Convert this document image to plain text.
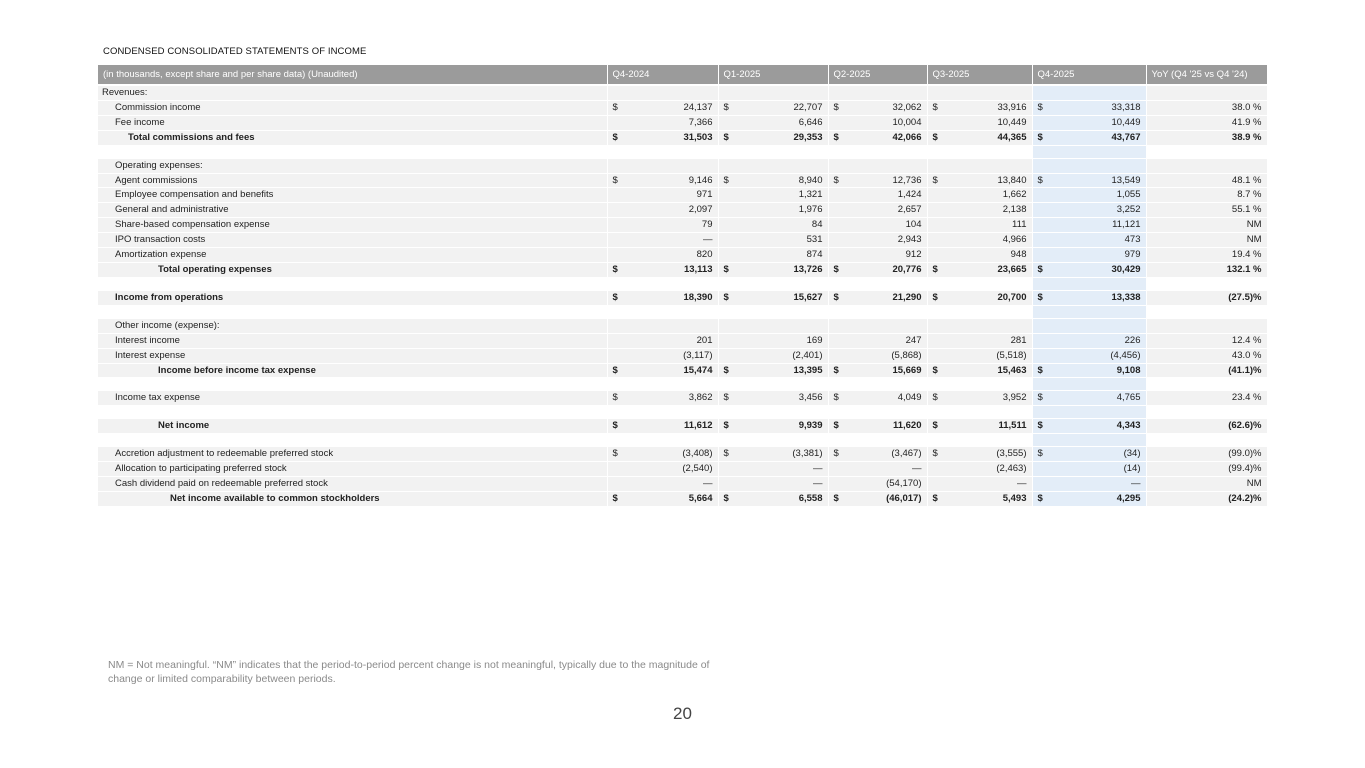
CONDENSED CONSOLIDATED STATEMENTS OF INCOME
(in thousands, except share and per share data) (Unaudited)	Q4-2024	Q1-2025	Q2-2025	Q3-2025	Q4-2025	YoY (Q4 '25 vs Q4 '24)
Revenues:						
Commission income	$ 24,137	$ 22,707	$ 32,062	$ 33,916	$ 33,318	38.0 %
Fee income	7,366	6,646	10,004	10,449	10,449	41.9 %
Total commissions and fees	$ 31,503	$ 29,353	$ 42,066	$ 44,365	$ 43,767	38.9 %

Operating expenses:						
Agent commissions	$ 9,146	$ 8,940	$ 12,736	$ 13,840	$ 13,549	48.1 %
Employee compensation and benefits	971	1,321	1,424	1,662	1,055	8.7 %
General and administrative	2,097	1,976	2,657	2,138	3,252	55.1 %
Share-based compensation expense	79	84	104	111	11,121	NM
IPO transaction costs	—	531	2,943	4,966	473	NM
Amortization expense	820	874	912	948	979	19.4 %
Total operating expenses	$ 13,113	$ 13,726	$ 20,776	$ 23,665	$ 30,429	132.1 %

Income from operations	$ 18,390	$ 15,627	$ 21,290	$ 20,700	$ 13,338	(27.5)%

Other income (expense):						
Interest income	201	169	247	281	226	12.4 %
Interest expense	(3,117)	(2,401)	(5,868)	(5,518)	(4,456)	43.0 %
Income before income tax expense	$ 15,474	$ 13,395	$ 15,669	$ 15,463	$ 9,108	(41.1)%

Income tax expense	$ 3,862	$ 3,456	$ 4,049	$ 3,952	$ 4,765	23.4 %

Net income	$ 11,612	$ 9,939	$ 11,620	$ 11,511	$ 4,343	(62.6)%

Accretion adjustment to redeemable preferred stock	$ (3,408)	$ (3,381)	$ (3,467)	$ (3,555)	$ (34)	(99.0)%
Allocation to participating preferred stock	(2,540)	—	—	(2,463)	(14)	(99.4)%
Cash dividend paid on redeemable preferred stock	—	—	(54,170)	—	—	NM
Net income available to common stockholders	$ 5,664	$ 6,558	$ (46,017)	$ 5,493	$ 4,295	(24.2)%
NM = Not meaningful. “NM” indicates that the period-to-period percent change is not meaningful, typically due to the magnitude of change or limited comparability between periods.
20
